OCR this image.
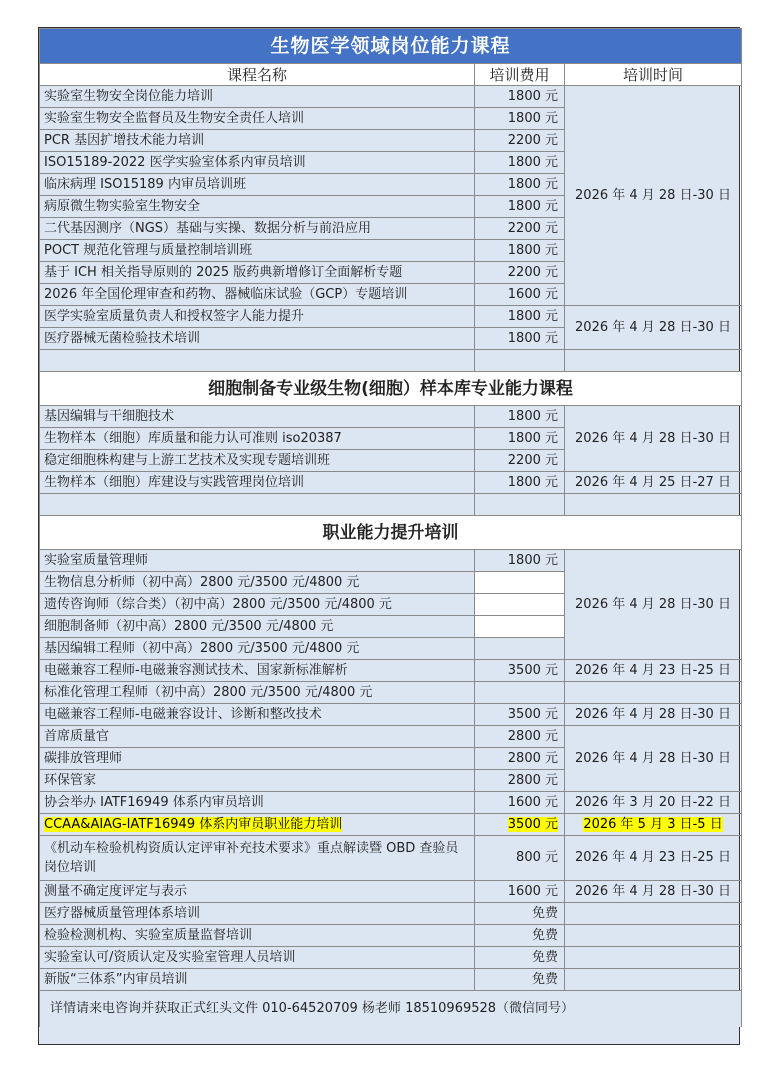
生物医学领域岗位能力课程		
课程名称	培训费用	培训时间
实验室生物安全岗位能力培训	1800 元	2026 年 4 月 28 日-30 日
实验室生物安全监督员及生物安全责任人培训	1800 元	
PCR 基因扩增技术能力培训	2200 元	
ISO15189-2022 医学实验室体系内审员培训	1800 元	
临床病理 ISO15189 内审员培训班	1800 元	
病原微生物实验室生物安全	1800 元	
二代基因测序（NGS）基础与实操、数据分析与前沿应用	2200 元	
POCT 规范化管理与质量控制培训班	1800 元	
基于 ICH 相关指导原则的 2025 版药典新增修订全面解析专题	2200 元	
2026 年全国伦理审查和药物、器械临床试验（GCP）专题培训	1600 元	
医学实验室质量负责人和授权签字人能力提升	1800 元	2026 年 4 月 28 日-30 日
医疗器械无菌检验技术培训	1800 元	

细胞制备专业级生物(细胞）样本库专业能力课程		
基因编辑与干细胞技术	1800 元	2026 年 4 月 28 日-30 日
生物样本（细胞）库质量和能力认可准则 iso20387	1800 元	
稳定细胞株构建与上游工艺技术及实现专题培训班	2200 元	
生物样本（细胞）库建设与实践管理岗位培训	1800 元	2026 年 4 月 25 日-27 日

职业能力提升培训		
实验室质量管理师	1800 元	2026 年 4 月 28 日-30 日
生物信息分析师（初中高）2800 元/3500 元/4800 元		
遗传咨询师（综合类）（初中高）2800 元/3500 元/4800 元		
细胞制备师（初中高）2800 元/3500 元/4800 元		
基因编辑工程师（初中高）2800 元/3500 元/4800 元		
电磁兼容工程师-电磁兼容测试技术、国家新标准解析	3500 元	2026 年 4 月 23 日-25 日
标准化管理工程师（初中高）2800 元/3500 元/4800 元		
电磁兼容工程师-电磁兼容设计、诊断和整改技术	3500 元	2026 年 4 月 28 日-30 日
首席质量官	2800 元	2026 年 4 月 28 日-30 日
碳排放管理师	2800 元	
环保管家	2800 元	
协会举办 IATF16949 体系内审员培训	1600 元	2026 年 3 月 20 日-22 日
CCAA&AIAG-IATF16949 体系内审员职业能力培训	3500 元	2026 年 5 月 3 日-5 日
《机动车检验机构资质认定评审补充技术要求》重点解读暨 OBD 查验员岗位培训	800 元	2026 年 4 月 23 日-25 日
测量不确定度评定与表示	1600 元	2026 年 4 月 28 日-30 日
医疗器械质量管理体系培训	免费	
检验检测机构、实验室质量监督培训	免费	
实验室认可/资质认定及实验室管理人员培训	免费	
新版“三体系”内审员培训	免费	
详情请来电咨询并获取正式红头文件 010-64520709 杨老师 18510969528（微信同号）		
